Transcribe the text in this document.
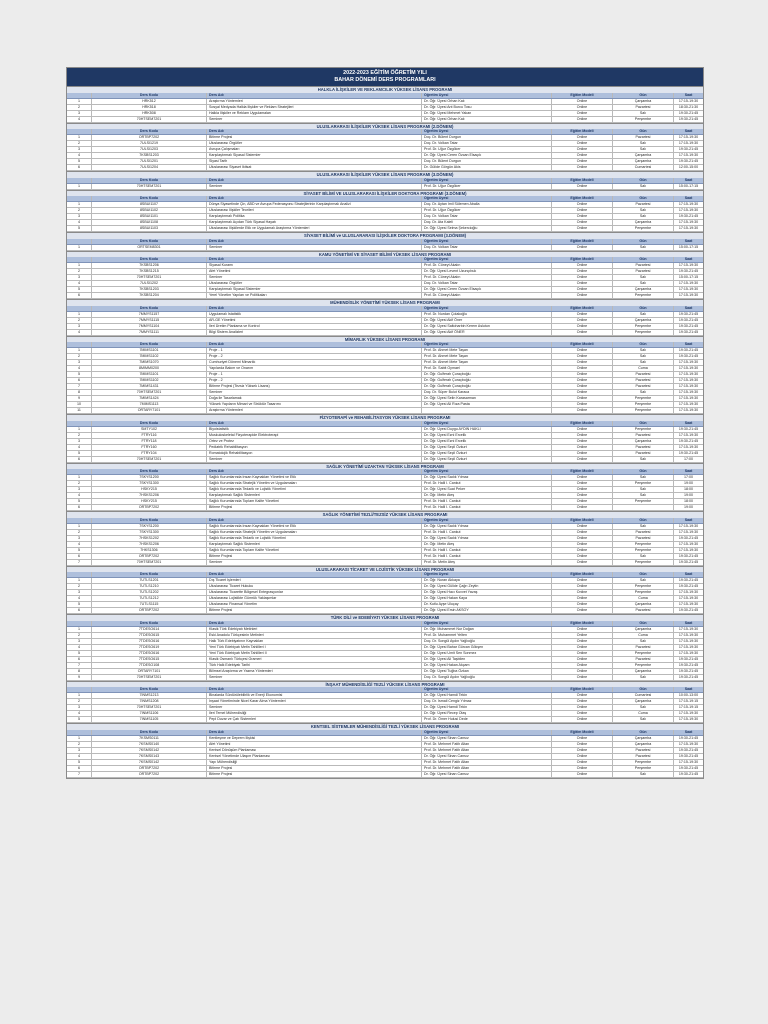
2022-2023 EĞİTİM ÖĞRETİM YILI
BAHAR DÖNEMİ DERS PROGRAMLARI
HALKLA İLİŞKİLER VE REKLAMCILIK YÜKSEK LİSANS PROGRAMI
	Ders Kodu	Ders Adı	Öğretim Üyesi	Eğitim Modeli	Gün	Saat
1	HRK512	Araştırma Yöntemleri	Dr. Öğr. Üyesi Orhan Kalı	Online	Çarşamba	17:15-19:30
2	HRK518	Sosyal Medyada Halkla İlişkiler ve Reklam Stratejileri	Dr. Öğr. Üyesi Ant Burcu Tosu	Online	Pazartesi	18:30-21:30
3	HRK508	Halkla İlişkiler ve Reklam Uygulamaları	Dr. Öğr. Üyesi Mehmet Yakan	Online	Salı	19:30-21:45
4	70HTSEM7201	Seminer	Dr. Öğr. Üyesi Orhan Kalı	Online	Perşembe	19:30-21:45
ULUSLARARASI İLİŞKİLER YÜKSEK LİSANS PROGRAMI (2.DÖNEM)
	Ders Kodu	Ders Adı	Öğretim Üyesi	Eğitim Modeli	Gün	Saat
1	ORTBP7202	Bitirme Projesi	Doç. Dr. Bülent Durgun	Online	Pazartesi	17:15-19:30
2	7ULSI1219	Uluslararası Örgütler	Doç. Dr. Volkan Tatar	Online	Salı	17:15-19:30
3	7ULSI1203	Avrupa Çalışmaları	Prof. Dr. Uğur Özgöker	Online	Salı	19:30-21:45
4	7KSBS1203	Karşılaştırmalı Siyasal Sistemler	Dr. Öğr. Üyesi Ceren Özcan Elsaçık	Online	Çarşamba	17:15-19:30
5	7ULSI1201	Siyasi Tarih	Doç. Dr. Bülent Durgun	Online	Çarşamba	19:30-21:45
6	7ULSI1204	Uluslararası Siyaset İktisat	Dr. Gülide Görgün Akis	Online	Cumartesi	12:00-15:00
ULUSLARARASI İLİŞKİLER YÜKSEK LİSANS PROGRAMI (3.DÖNEM)
	Ders Kodu	Ders Adı	Öğretim Üyesi	Eğitim Modeli	Gün	Saat
1	70HTSEM7201	Seminer	Prof. Dr. Uğur Özgöker	Online	Salı	15:00-17:15
SİYASET BİLİMİ VE ULUSLARARASI İLİŞKİLER DOKTORA PROGRAMI (3.DÖNEM)
	Ders Kodu	Ders Adı	Öğretim Üyesi	Eğitim Modeli	Gün	Saat
1	8SBUI1107	Dünya Siyasetinde Çin, ABD ve Avrupa Federasyonu Stratejilerinin Karşılaştırmalı Analizi	Doç. Dr. Aytan İmil Sülemen Aballa	Online	Pazartesi	17:15-19:30
2	8SBUI1102	Uluslararası İlişkiler Teorileri	Prof. Dr. Uğur Özgöker	Online	Salı	17:15-19:30
3	8SBUI1101	Karşılaştırmalı Politika	Doç. Dr. Volkan Tatar	Online	Salı	19:30-21:45
4	8SBUI1108	Karşılaştırmalı Açıdan Türk Siyasal Hayatı	Doç. Dr. Ata Kaleli	Online	Çarşamba	17:15-19:30
5	8SBUI1103	Uluslararası İlişkilerde Etik ve Uygulamalı Araştırma Yöntemleri	Dr. Öğr. Üyesi Selma Şekercioğlu	Online	Perşembe	17:15-19:30
SİYASET BİLİMİ ve ULUSLARARASI İLİŞKİLER DOKTORA PROGRAMI (3.DÖNEM)
	Ders Kodu	Ders Adı	Öğretim Üyesi	Eğitim Modeli	Gün	Saat
1	ORTSEM8301	Seminer	Doç. Dr. Volkan Tatar	Online	Salı	15:00-17:15
KAMU YÖNETİMİ VE SİYASET BİLİMİ YÜKSEK LİSANS PROGRAMI
	Ders Kodu	Ders Adı	Öğretim Üyesi	Eğitim Modeli	Gün	Saat
1	7KSBS1206	Siyasal Kuramı	Prof. Dr. Cüneyt Akalın	Online	Pazartesi	17:15-19:30
2	7KSBS1215	Afet Yönetimi	Dr. Öğr. Üyesi Levent Uzunçıbuk	Online	Pazartesi	19:30-21:45
3	70HTSEM7201	Seminer	Prof. Dr. Cüneyt Akalın	Online	Salı	15:00-17:15
4	7ULSI1202	Uluslararası Örgütler	Doç. Dr. Volkan Tatar	Online	Salı	17:15-19:30
5	7KSBS1203	Karşılaştırmalı Siyasal Sistemler	Dr. Öğr. Üyesi Ceren Özcan Elsaçık	Online	Çarşamba	17:15-19:30
6	7KSBS1204	Yerel Yönetim Yapıları ve Politikaları	Prof. Dr. Cüneyt Akalın	Online	Perşembe	17:15-19:30
MÜHENDİSLİK YÖNETİMİ YÜKSEK LİSANS PROGRAMI
	Ders Kodu	Ders Adı	Öğretim Üyesi	Eğitim Modeli	Gün	Saat
1	7MMYS1157	Uygulamalı İstatistik	Prof. Dr. Nurdan Çolakoğlu	Online	Salı	19:30-21:45
2	7MMYS1115	AR-GE Yönetimi	Dr. Öğr. Üyesi Akif Öner	Online	Çarşamba	19:30-21:45
3	7MMYS1104	Ileri Üretim Planlama ve Kontrol	Dr. Öğr. Üyesi Saltoharbin Kerem Aslutun	Online	Perşembe	19:30-21:45
4	7MMYS1111	Bilgi Sistem Analizleri	Dr. Öğr. Üyesi Akif ÖNER	Online	Perşembe	19:30-21:45
MİMARLIK YÜKSEK LİSANS PROGRAMI
	Ders Kodu	Ders Adı	Öğretim Üyesi	Eğitim Modeli	Gün	Saat
1	7MIMS1101	Proje - 1	Prof. Dr. Ahmet Mete Taşan	Online	Salı	19:30-21:45
2	7MIMS1102	Proje - 2	Prof. Dr. Ahmet Mete Taşan	Online	Salı	19:30-21:45
3	7MIMS1070	Cumhuriyet Dönemi Mimarlık	Prof. Dr. Ahmet Mete Taşan	Online	Salı	17:15-19:30
4	8MIMM0200	Yapılarda Bakım ve Onarım	Prof. Dr. Sabit Oymael	Online	Cuma	17:15-19:30
5	7MIMS1101	Proje - 1	Dr. Öğr. Gulferah Çuraçboğlu	Online	Pazartesi	17:15-19:30
6	7MIMS1102	Proje - 2	Dr. Öğr. Gulferah Çuraçboğlu	Online	Pazartesi	17:15-19:30
7	7MIMS1431	Bitirme Projesi (Tezsiz Yüksek Lisans)	Dr. Öğr. Gulferah Çuraçboğlu	Online	Pazartesi	17:15-19:30
8	70HTSEM7201	Seminer	Doç. Dr. Süper Bulut Karaca	Online	Salı	17:15-19:30
9	7MIMS1424	Doğa ile Tasarlamak	Dr. Öğr. Üyesi Selin Karasarman	Online	Perşembe	17:15-19:30
10	7MIMS1113	Yüksek Yapıların Mimari ve Strüktür Tasarımı	Dr. Öğr. Üyesi Ali Rıza Pasta	Online	Perşembe	17:15-19:30
11	ORTARY7101	Araştırma Yöntemleri		Online	Perşembe	17:15-19:30
FİZYOTERAPİ ve REHABİLİTASYON YÜKSEK LİSANS PROGRAMI
	Ders Kodu	Ders Adı	Öğretim Üyesi	Eğitim Modeli	Gün	Saat
1	SMTY102	Biyoistatistik	Dr. Öğr. Üyesi Duygu AYDIN HAKLI	Online	Perşembe	19:30-21:45
2	FTRY116	Muskuloskeletal Fizyoterapide Elektroterapi	Dr. Öğr. Üyesi Ezni Ercelik	Online	Pazartesi	17:15-19:30
3	FTRY118	Ortez ve Protez	Dr. Öğr. Üyesi Ezni Ercelik	Online	Çarşamba	19:30-21:45
4	FTRY160	Pediatrik Rehabilitasyon	Dr. Öğr. Üyesi Seçil Özkurt	Online	Pazartesi	17:15-19:30
5	FTRY104	Romatolojik Rehabilitasyon	Dr. Öğr. Üyesi Seçil Özkurt	Online	Pazartesi	19:30-21:45
6	70HTSEM7201	Seminer	Dr. Öğr. Üyesi Seçil Özkurt	Online	Salı	17:00
SAĞLIK YÖNETİMİ UZAKTAN YÜKSEK LİSANS PROGRAMI
	Ders Kodu	Ders Adı	Öğretim Üyesi	Eğitim Modeli	Gün	Saat
1	7SKYS1200	Sağlık Kurumlarında İnsan Kaynakları Yönetimi ve Etik	Dr. Öğr. Üyesi Sadık Yılmaz	Online	Salı	17:00
2	7SKYS1300	Sağlık Kurumlarında Stratejik Yönetim ve Uygulamaları	Prof. Dr. Halil İ. Cankut	Online	Perşembe	19:00
3	HSKY215	Sağlık Kurumlarında Tedarik ve Lojistik Yönetimi	Dr. Öğr. Üyesi Suat Peker	Online	Salı	18:00
4	7HSKS1206	Karşılaştırmalı Sağlık Sistemleri	Dr. Öğr. Metin Ateş	Online	Salı	19:00
5	HSKY215	Sağlık Kurumlarında Toplam Kalite Yönetimi	Prof. Dr. Halil İ. Cankut	Online	Perşembe	18:00
6	ORTBP7202	Bitirme Projesi	Prof. Dr. Halil İ. Cankut	Online		19:00
SAĞLIK YÖNETİMİ TEZLİ/TEZSİZ YÜKSEK LİSANS PROGRAMI
	Ders Kodu	Ders Adı	Öğretim Üyesi	Eğitim Modeli	Gün	Saat
1	7SKYS1200	Sağlık Kurumlarında İnsan Kaynakları Yönetimi ve Etik	Dr. Öğr. Üyesi Sadık Yılmaz	Online	Salı	17:15-19:30
2	7SKYS1300	Sağlık Kurumlarında Stratejik Yönetim ve Uygulamaları	Prof. Dr. Halil İ. Cankut	Online	Pazartesi	17:15-19:30
3	7HSKS1202	Sağlık Kurumlarında Tedarik ve Lojistik Yönetimi	Dr. Öğr. Üyesi Sadık Yılmaz	Online	Pazartesi	19:30-21:45
4	7HSKS1206	Karşılaştırmalı Sağlık Sistemleri	Dr. Öğr. Metin Ateş	Online	Perşembe	17:15-19:30
5	7HKS1306	Sağlık Kurumlarında Toplam Kalite Yönetimi	Prof. Dr. Halil İ. Cankut	Online	Perşembe	17:15-19:30
6	ORTBP7202	Bitirme Projesi	Prof. Dr. Halil İ. Cankut	Online	Salı	19:30-21:45
7	70HTSEM7201	Seminer	Prof. Dr. Metin Ateş	Online	Perşembe	19:30-21:45
ULUSLARARASI TİCARET VE LOJİSTİK YÜKSEK LİSANS PROGRAMI
	Ders Kodu	Ders Adı	Öğretim Üyesi	Eğitim Modeli	Gün	Saat
1	7UTLS1201	Dış Ticaret İşlemleri	Dr. Öğr. Nuran Akkaya	Online	Salı	19:30-21:45
2	7UTLS1210	Uluslararası Ticaret Hukuku	Dr. Öğr. Üyesi Gülide Çağrı Zeytin	Online	Perşembe	19:30-21:45
3	7UTLS1202	Uluslararası Ticarette Bölgesel Entegrasyonlar	Dr. Öğr. Üyesi Hacı Kuvvet Yavaş	Online	Perşembe	17:15-19:30
4	7UTLS1212	Uluslararası Lojistikte Gümrük Yaklaşımlar	Dr. Öğr. Üyesi Hakan Kaya	Online	Cuma	17:15-19:30
5	7UTLS1115	Uluslararası Finansal Yönetim	Dr. Kutlu Ayşe Uluçay	Online	Çarşamba	17:15-19:30
6	ORTBP7202	Bitirme Projesi	Dr. Öğr. Üyesi Ersin AKSOY	Online	Pazartesi	19:30-21:45
TÜRK DİLİ ve EDEBİYATI YÜKSEK LİSANS PROGRAMI
	Ders Kodu	Ders Adı	Öğretim Üyesi	Eğitim Modeli	Gün	Saat
1	7TDESO614	Klasik Türk Edebiyatı Metinleri	Dr. Öğr. Muhammet Nur Doğan	Online	Çarşamba	17:15-19:30
2	7TDESO615	Eski Anadolu Türkçesinin Metinleri	Prof. Dr. Muhammet Yelten	Online	Cuma	17:15-19:30
3	7TDESO616	Halk Türk Edebiyatının Kaynakları	Doç. Dr. Songül Aydın Yağlıoğlu	Online	Salı	17:15-19:30
4	7TDESO619	Yeni Türk Edebiyatı Metin Tahlilleri I	Dr. Öğr. Üyesi Bahar Gürcan Gökşen	Online	Pazartesi	17:15-19:30
5	7TDESO616	Yeni Türk Edebiyatı Metin Tahlilleri II	Dr. Öğr. Üyesi Umit Sen Sonmez	Online	Perşembe	17:15-19:30
6	7TDESO615	Klasik Osmanlı Türkçesi Grameri	Dr. Öğr. Üyesi Ali Taşbilen	Online	Pazartesi	19:30-21:45
7	7TDESO108	Türk Halk Edebiyatı Tarihi	Dr. Öğr. Üyesi Hakan Akçam	Online	Perşembe	19:30-21:45
8	ORTARY7101	Bilimsel Araştırma ve Yazma Yöntemleri	Dr. Öğr. Üyesi Tuğba Özkan	Online	Çarşamba	19:30-21:45
9	70HTSEM7201	Seminer	Doç. Dr. Songül Aydın Yağlıoğlu	Online	Salı	19:30-21:45
İNŞAAT MÜHENDİSLİĞİ TEZLİ YÜKSEK LİSANS PROGRAMI
	Ders Kodu	Ders Adı	Öğretim Üyesi	Eğitim Modeli	Gün	Saat
1	7INMS1213	Binalarda Sürdürülebilirlik ve Enerji Ekonomisi	Dr. Öğr. Üyesi Hamdi Tekin	Online	Cumartesi	10:00-13:00
2	7INMS1208	İnşaat Yönetiminde Nicel Karar Alma Yöntemleri	Doç. Dr. İsmail Cengiz Yılmaz	Online	Çarşamba	17:15-19:15
3	70HTSEM7201	Seminer	Dr. Öğr. Üyesi Hamdi Tekin	Online	Salı	17:15-19:15
4	7INMS1106	İleri Temel Mühendisliği	Dr. Öğr. Üyesi Recep Olaş	Online	Cuma	17:15-19:30
5	7INMS1105	Pepl Duvar ve Çatı Sistemleri	Prof. Dr. Ömer Hulusi Dede	Online	Salı	17:15-19:30
KENTSEL SİSTEMLER MÜHENDİSLİĞİ TEZLİ YÜKSEK LİSANS PROGRAMI
	Ders Kodu	Ders Adı	Öğretim Üyesi	Eğitim Modeli	Gün	Saat
1	7KSMS0111	Kentleşme ve Deprem İlişkisi	Dr. Öğr. Üyesi Sinan Cansız	Online	Çarşamba	19:30-21:45
2	7KSMS0140	Afet Yönetimi	Prof. Dr. Mehmet Fatih Altan	Online	Çarşamba	17:15-19:30
3	7KSMS0142	Kentsel Dönüşüm Planlaması	Prof. Dr. Mehmet Fatih Altan	Online	Pazartesi	19:30-21:45
4	7KSMS0143	Kentsel Yönetimde Ulaşım Planlaması	Dr. Öğr. Üyesi Sinan Cansız	Online	Pazartesi	19:30-21:45
5	7KSMS0142	Yapı Mühendisliği	Prof. Dr. Mehmet Fatih Altan	Online	Perşembe	17:15-19:30
6	ORTBP7202	Bitirme Projesi	Prof. Dr. Mehmet Fatih Altan	Online	Perşembe	19:30-21:45
7	ORTBP7202	Bitirme Projesi	Dr. Öğr. Üyesi Sinan Cansız	Online	Salı	19:30-21:45
